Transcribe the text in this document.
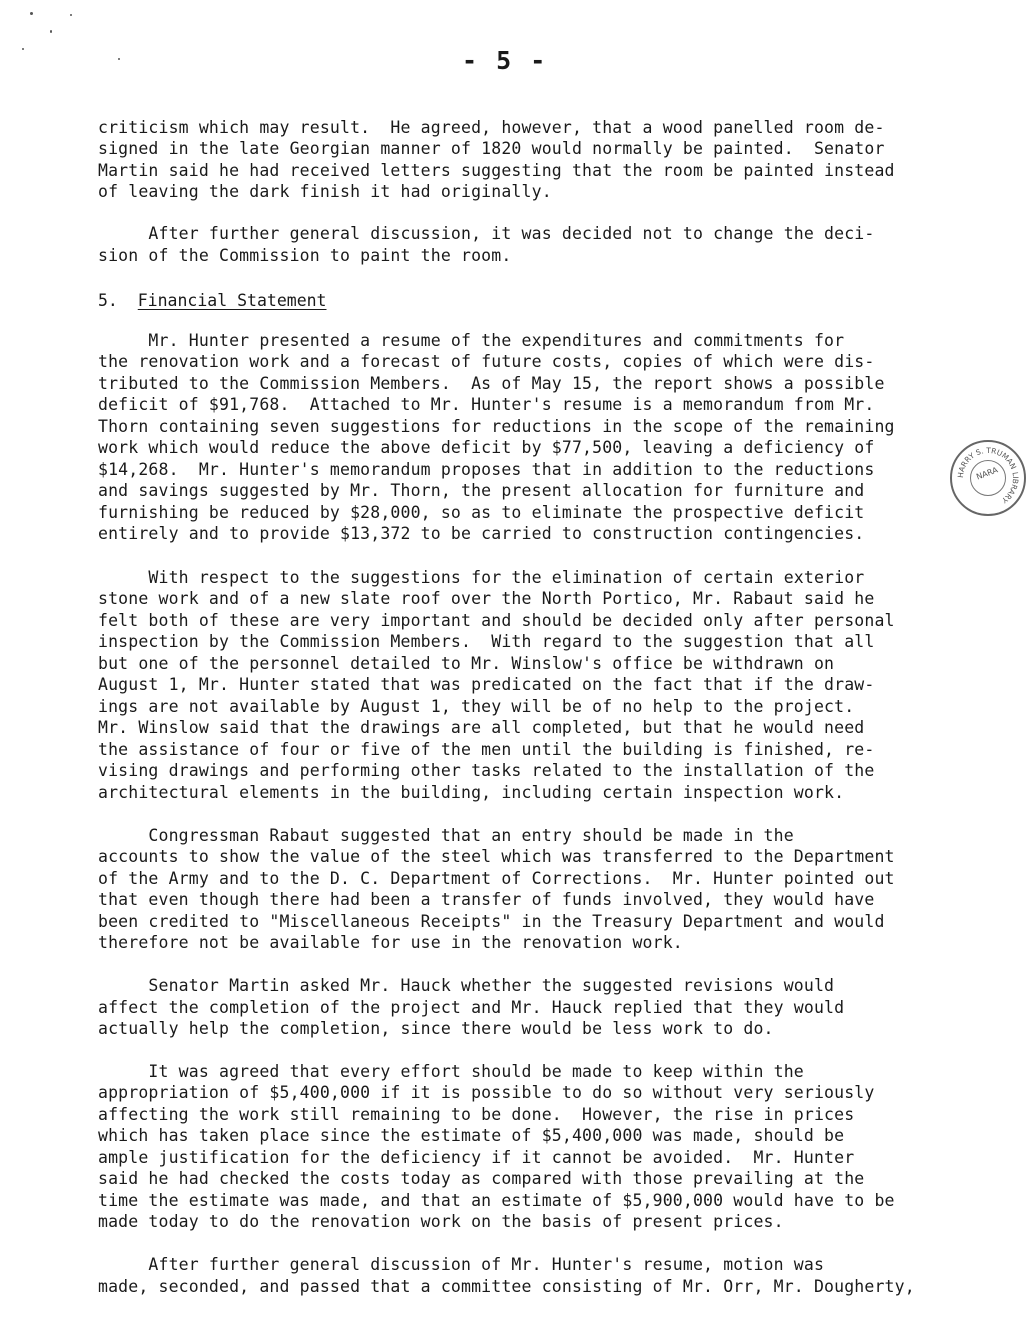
- 5 -
criticism which may result.  He agreed, however, that a wood panelled room de-
signed in the late Georgian manner of 1820 would normally be painted.  Senator
Martin said he had received letters suggesting that the room be painted instead
of leaving the dark finish it had originally.
After further general discussion, it was decided not to change the deci-
sion of the Commission to paint the room.
5. Financial Statement
Mr. Hunter presented a resume of the expenditures and commitments for
the renovation work and a forecast of future costs, copies of which were dis-
tributed to the Commission Members.  As of May 15, the report shows a possible
deficit of $91,768.  Attached to Mr. Hunter's resume is a memorandum from Mr.
Thorn containing seven suggestions for reductions in the scope of the remaining
work which would reduce the above deficit by $77,500, leaving a deficiency of
$14,268.  Mr. Hunter's memorandum proposes that in addition to the reductions
and savings suggested by Mr. Thorn, the present allocation for furniture and
furnishing be reduced by $28,000, so as to eliminate the prospective deficit
entirely and to provide $13,372 to be carried to construction contingencies.
With respect to the suggestions for the elimination of certain exterior
stone work and of a new slate roof over the North Portico, Mr. Rabaut said he
felt both of these are very important and should be decided only after personal
inspection by the Commission Members.  With regard to the suggestion that all
but one of the personnel detailed to Mr. Winslow's office be withdrawn on
August 1, Mr. Hunter stated that was predicated on the fact that if the draw-
ings are not available by August 1, they will be of no help to the project.
Mr. Winslow said that the drawings are all completed, but that he would need
the assistance of four or five of the men until the building is finished, re-
vising drawings and performing other tasks related to the installation of the
architectural elements in the building, including certain inspection work.
Congressman Rabaut suggested that an entry should be made in the
accounts to show the value of the steel which was transferred to the Department
of the Army and to the D. C. Department of Corrections.  Mr. Hunter pointed out
that even though there had been a transfer of funds involved, they would have
been credited to "Miscellaneous Receipts" in the Treasury Department and would
therefore not be available for use in the renovation work.
Senator Martin asked Mr. Hauck whether the suggested revisions would
affect the completion of the project and Mr. Hauck replied that they would
actually help the completion, since there would be less work to do.
It was agreed that every effort should be made to keep within the
appropriation of $5,400,000 if it is possible to do so without very seriously
affecting the work still remaining to be done.  However, the rise in prices
which has taken place since the estimate of $5,400,000 was made, should be
ample justification for the deficiency if it cannot be avoided.  Mr. Hunter
said he had checked the costs today as compared with those prevailing at the
time the estimate was made, and that an estimate of $5,900,000 would have to be
made today to do the renovation work on the basis of present prices.
After further general discussion of Mr. Hunter's resume, motion was
made, seconded, and passed that a committee consisting of Mr. Orr, Mr. Dougherty,
HARRY S. TRUMAN LIBRARY
NARA
